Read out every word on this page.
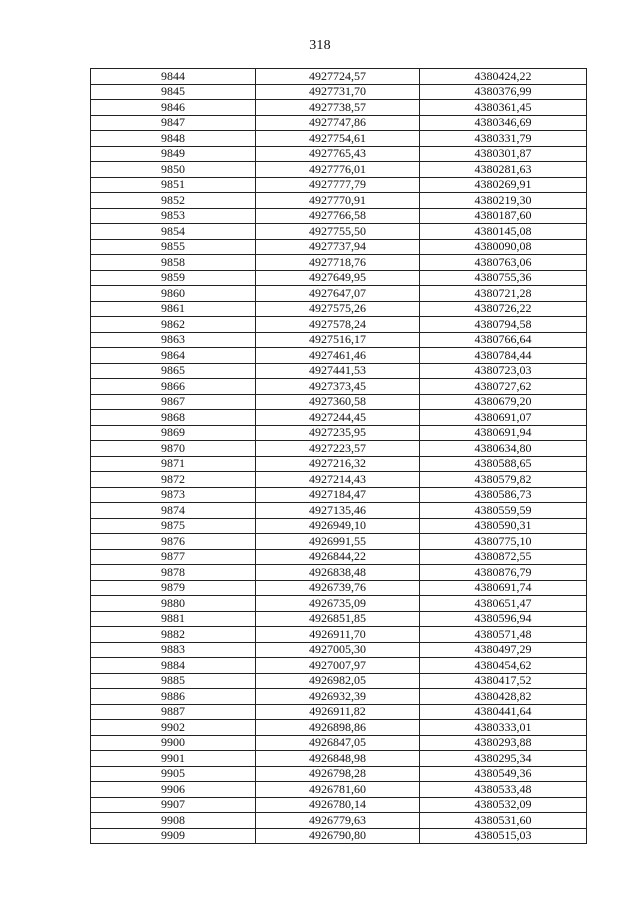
318
9844	4927724,57	4380424,22
9845	4927731,70	4380376,99
9846	4927738,57	4380361,45
9847	4927747,86	4380346,69
9848	4927754,61	4380331,79
9849	4927765,43	4380301,87
9850	4927776,01	4380281,63
9851	4927777,79	4380269,91
9852	4927770,91	4380219,30
9853	4927766,58	4380187,60
9854	4927755,50	4380145,08
9855	4927737,94	4380090,08
9858	4927718,76	4380763,06
9859	4927649,95	4380755,36
9860	4927647,07	4380721,28
9861	4927575,26	4380726,22
9862	4927578,24	4380794,58
9863	4927516,17	4380766,64
9864	4927461,46	4380784,44
9865	4927441,53	4380723,03
9866	4927373,45	4380727,62
9867	4927360,58	4380679,20
9868	4927244,45	4380691,07
9869	4927235,95	4380691,94
9870	4927223,57	4380634,80
9871	4927216,32	4380588,65
9872	4927214,43	4380579,82
9873	4927184,47	4380586,73
9874	4927135,46	4380559,59
9875	4926949,10	4380590,31
9876	4926991,55	4380775,10
9877	4926844,22	4380872,55
9878	4926838,48	4380876,79
9879	4926739,76	4380691,74
9880	4926735,09	4380651,47
9881	4926851,85	4380596,94
9882	4926911,70	4380571,48
9883	4927005,30	4380497,29
9884	4927007,97	4380454,62
9885	4926982,05	4380417,52
9886	4926932,39	4380428,82
9887	4926911,82	4380441,64
9902	4926898,86	4380333,01
9900	4926847,05	4380293,88
9901	4926848,98	4380295,34
9905	4926798,28	4380549,36
9906	4926781,60	4380533,48
9907	4926780,14	4380532,09
9908	4926779,63	4380531,60
9909	4926790,80	4380515,03
